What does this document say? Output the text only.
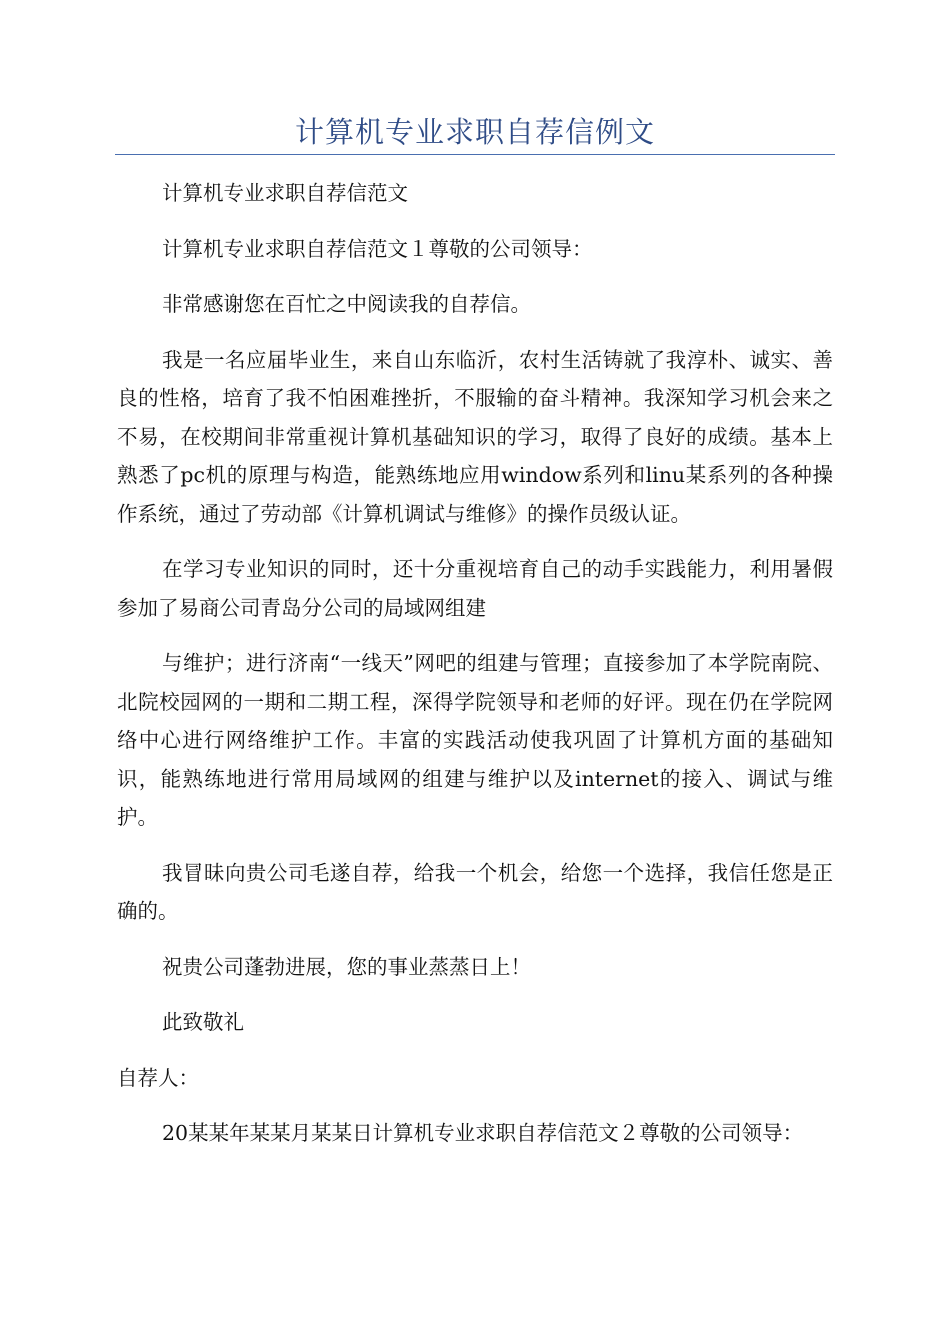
计算机专业求职自荐信例文

计算机专业求职自荐信范文

计算机专业求职自荐信范文１尊敬的公司领导：

非常感谢您在百忙之中阅读我的自荐信。

我是一名应届毕业生，来自山东临沂，农村生活铸就了我淳朴、诚实、善良的性格，培育了我不怕困难挫折，不服输的奋斗精神。我深知学习机会来之不易，在校期间非常重视计算机基础知识的学习，取得了良好的成绩。基本上熟悉了pc机的原理与构造，能熟练地应用window系列和linu某系列的各种操作系统，通过了劳动部《计算机调试与维修》的操作员级认证。

在学习专业知识的同时，还十分重视培育自己的动手实践能力，利用暑假参加了易商公司青岛分公司的局域网组建

与维护；进行济南“一线天”网吧的组建与管理；直接参加了本学院南院、北院校园网的一期和二期工程，深得学院领导和老师的好评。现在仍在学院网络中心进行网络维护工作。丰富的实践活动使我巩固了计算机方面的基础知识，能熟练地进行常用局域网的组建与维护以及internet的接入、调试与维护。

我冒昧向贵公司毛遂自荐，给我一个机会，给您一个选择，我信任您是正确的。

祝贵公司蓬勃进展，您的事业蒸蒸日上！

此致敬礼

自荐人：

20某某年某某月某某日计算机专业求职自荐信范文２尊敬的公司领导：
